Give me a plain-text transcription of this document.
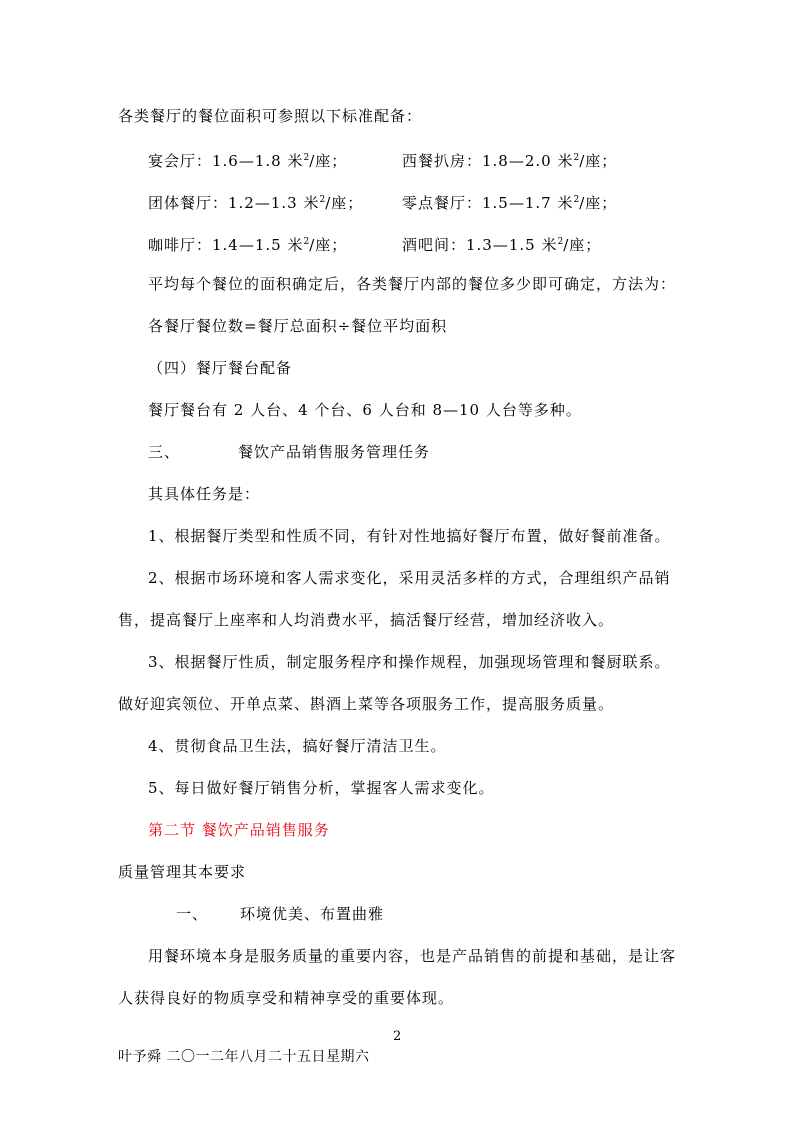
各类餐厅的餐位面积可参照以下标准配备：
宴会厅：1.6—1.8 米$^2$/座；	西餐扒房：1.8—2.0 米$^2$/座；
团体餐厅：1.2—1.3 米$^2$/座；	零点餐厅：1.5—1.7 米$^2$/座；
咖啡厅：1.4—1.5 米$^2$/座；	酒吧间：1.3—1.5 米$^2$/座；
平均每个餐位的面积确定后，各类餐厅内部的餐位多少即可确定，方法为：
各餐厅餐位数=餐厅总面积÷餐位平均面积
（四）餐厅餐台配备
餐厅餐台有 2 人台、4 个台、6 人台和 8—10 人台等多种。
三、	餐饮产品销售服务管理任务
其具体任务是：
1、根据餐厅类型和性质不同，有针对性地搞好餐厅布置，做好餐前准备。
2、根据市场环境和客人需求变化，采用灵活多样的方式，合理组织产品销
售，提高餐厅上座率和人均消费水平，搞活餐厅经营，增加经济收入。
3、根据餐厅性质，制定服务程序和操作规程，加强现场管理和餐厨联系。
做好迎宾领位、开单点菜、斟酒上菜等各项服务工作，提高服务质量。
4、贯彻食品卫生法，搞好餐厅清洁卫生。
5、每日做好餐厅销售分析，掌握客人需求变化。
第二节 餐饮产品销售服务
质量管理其本要求
一、 环境优美、布置曲雅
用餐环境本身是服务质量的重要内容，也是产品销售的前提和基础，是让客
人获得良好的物质享受和精神享受的重要体现。
2
叶予舜 二〇一二年八月二十五日星期六
